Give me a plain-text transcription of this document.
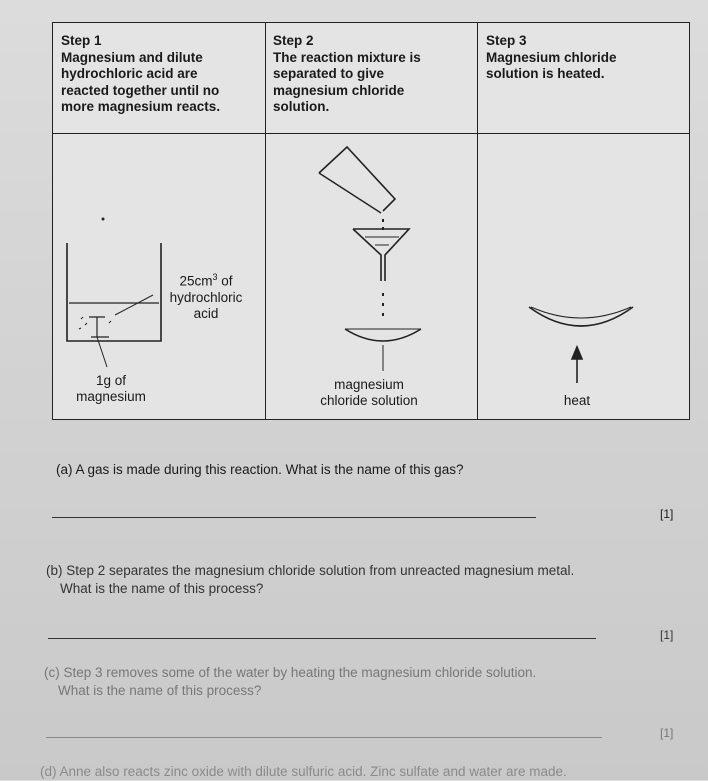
Step 1
Magnesium and dilute
hydrochloric acid are
reacted together until no
more magnesium reacts.
Step 2
The reaction mixture is
separated to give
magnesium chloride
solution.
Step 3
Magnesium chloride
solution is heated.
$25cm^3$ of
hydrochloric
acid
1g of
magnesium
magnesium
chloride solution	heat
(a) A gas is made during this reaction. What is the name of this gas?
[1]
(b) Step 2 separates the magnesium chloride solution from unreacted magnesium metal.
What is the name of this process?
[1]
(c) Step 3 removes some of the water by heating the magnesium chloride solution.
What is the name of this process?
[1]
(d) Anne also reacts zinc oxide with dilute sulfuric acid. Zinc sulfate and water are made.
